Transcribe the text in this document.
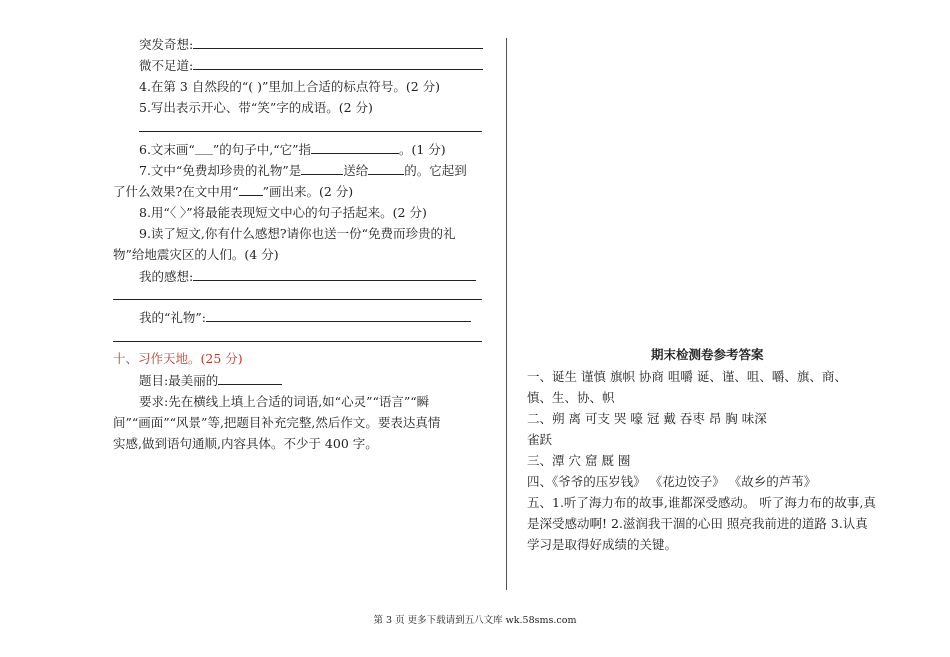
突发奇想:
微不足道:
4.在第 3 自然段的“( )”里加上合适的标点符号。(2 分)
5.写出表示开心、带“笑”字的成语。(2 分)
6.文末画“﹏﹏”的句子中,“它”指	。(1 分)
7.文中“免费却珍贵的礼物”是	送给	的。它起到
了什么效果?在文中用“ ”画出来。(2 分)
8.用“〈 〉”将最能表现短文中心的句子括起来。(2 分)
9.读了短文,你有什么感想?请你也送一份“免费而珍贵的礼
物”给地震灾区的人们。(4 分)
我的感想:
我的“礼物”:
十、习作天地。(25 分)
题目:最美丽的
要求:先在横线上填上合适的词语,如“心灵”“语言”“瞬
间”“画面”“风景”等,把题目补充完整,然后作文。要表达真情
实感,做到语句通顺,内容具体。不少于 400 字。
期末检测卷参考答案
一、诞生 谨慎 旗帜 协商 咀嚼 诞、谨、咀、嚼、旗、商、
慎、生、协、帜
二、朔 离 可支 哭 嚎 冠 戴 吞枣 昂 胸 味深
雀跃
三、潭 穴 窟 厩 圈
四、《爷爷的压岁钱》 《花边饺子》 《故乡的芦苇》
五、1.听了海力布的故事,谁都深受感动。 听了海力布的故事,真
是深受感动啊! 2.滋润我干涸的心田 照亮我前进的道路 3.认真
学习是取得好成绩的关键。
第 3 页 更多下载请到五八文库 wk.58sms.com
